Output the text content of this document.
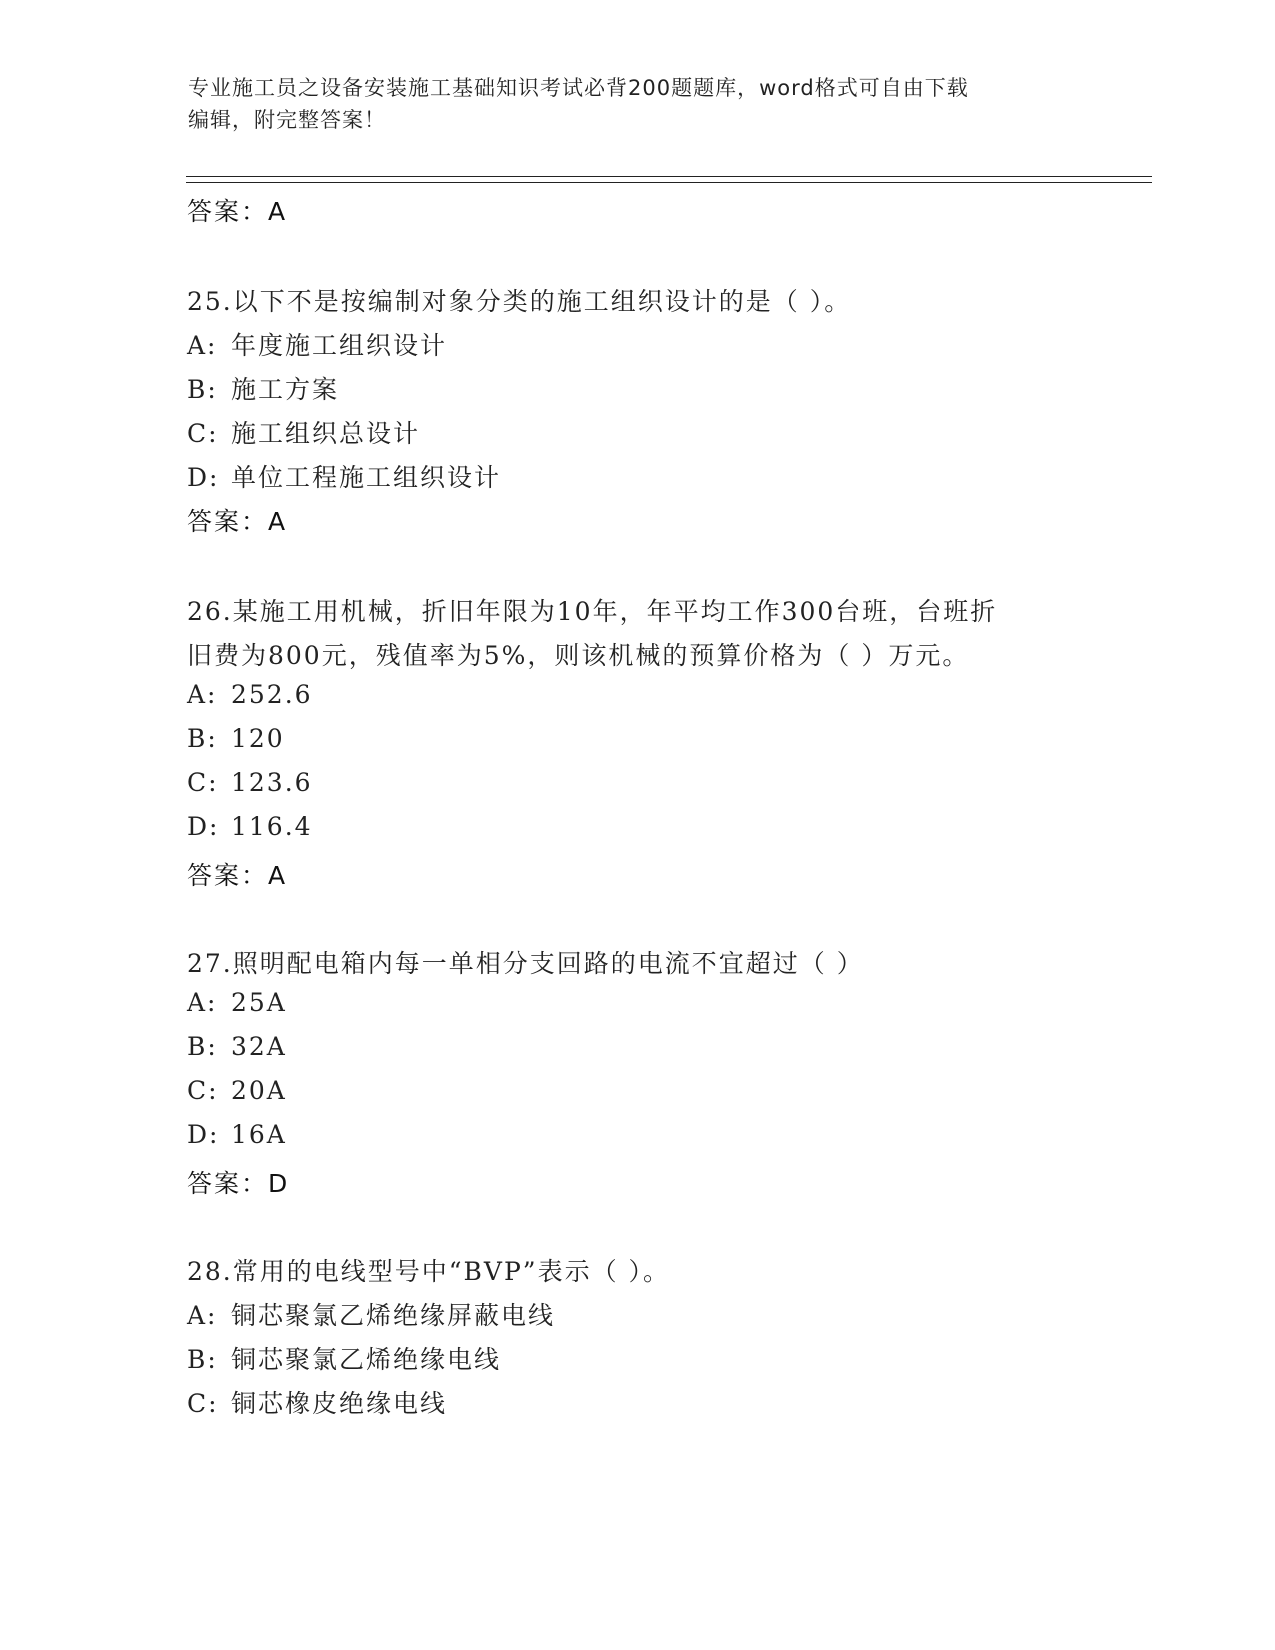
专业施工员之设备安装施工基础知识考试必背200题题库，word格式可自由下载
编辑，附完整答案！
答案：A
25.以下不是按编制对象分类的施工组织设计的是（ ）。
A: 年度施工组织设计
B: 施工方案
C: 施工组织总设计
D: 单位工程施工组织设计
答案：A
26.某施工用机械，折旧年限为10年，年平均工作300台班，台班折
旧费为800元，残值率为5%，则该机械的预算价格为（ ）万元。
A: 252.6
B: 120
C: 123.6
D: 116.4
答案：A
27.照明配电箱内每一单相分支回路的电流不宜超过（ ）
A: 25A
B: 32A
C: 20A
D: 16A
答案：D
28.常用的电线型号中“BVP”表示（ ）。
A: 铜芯聚氯乙烯绝缘屏蔽电线
B: 铜芯聚氯乙烯绝缘电线
C: 铜芯橡皮绝缘电线
